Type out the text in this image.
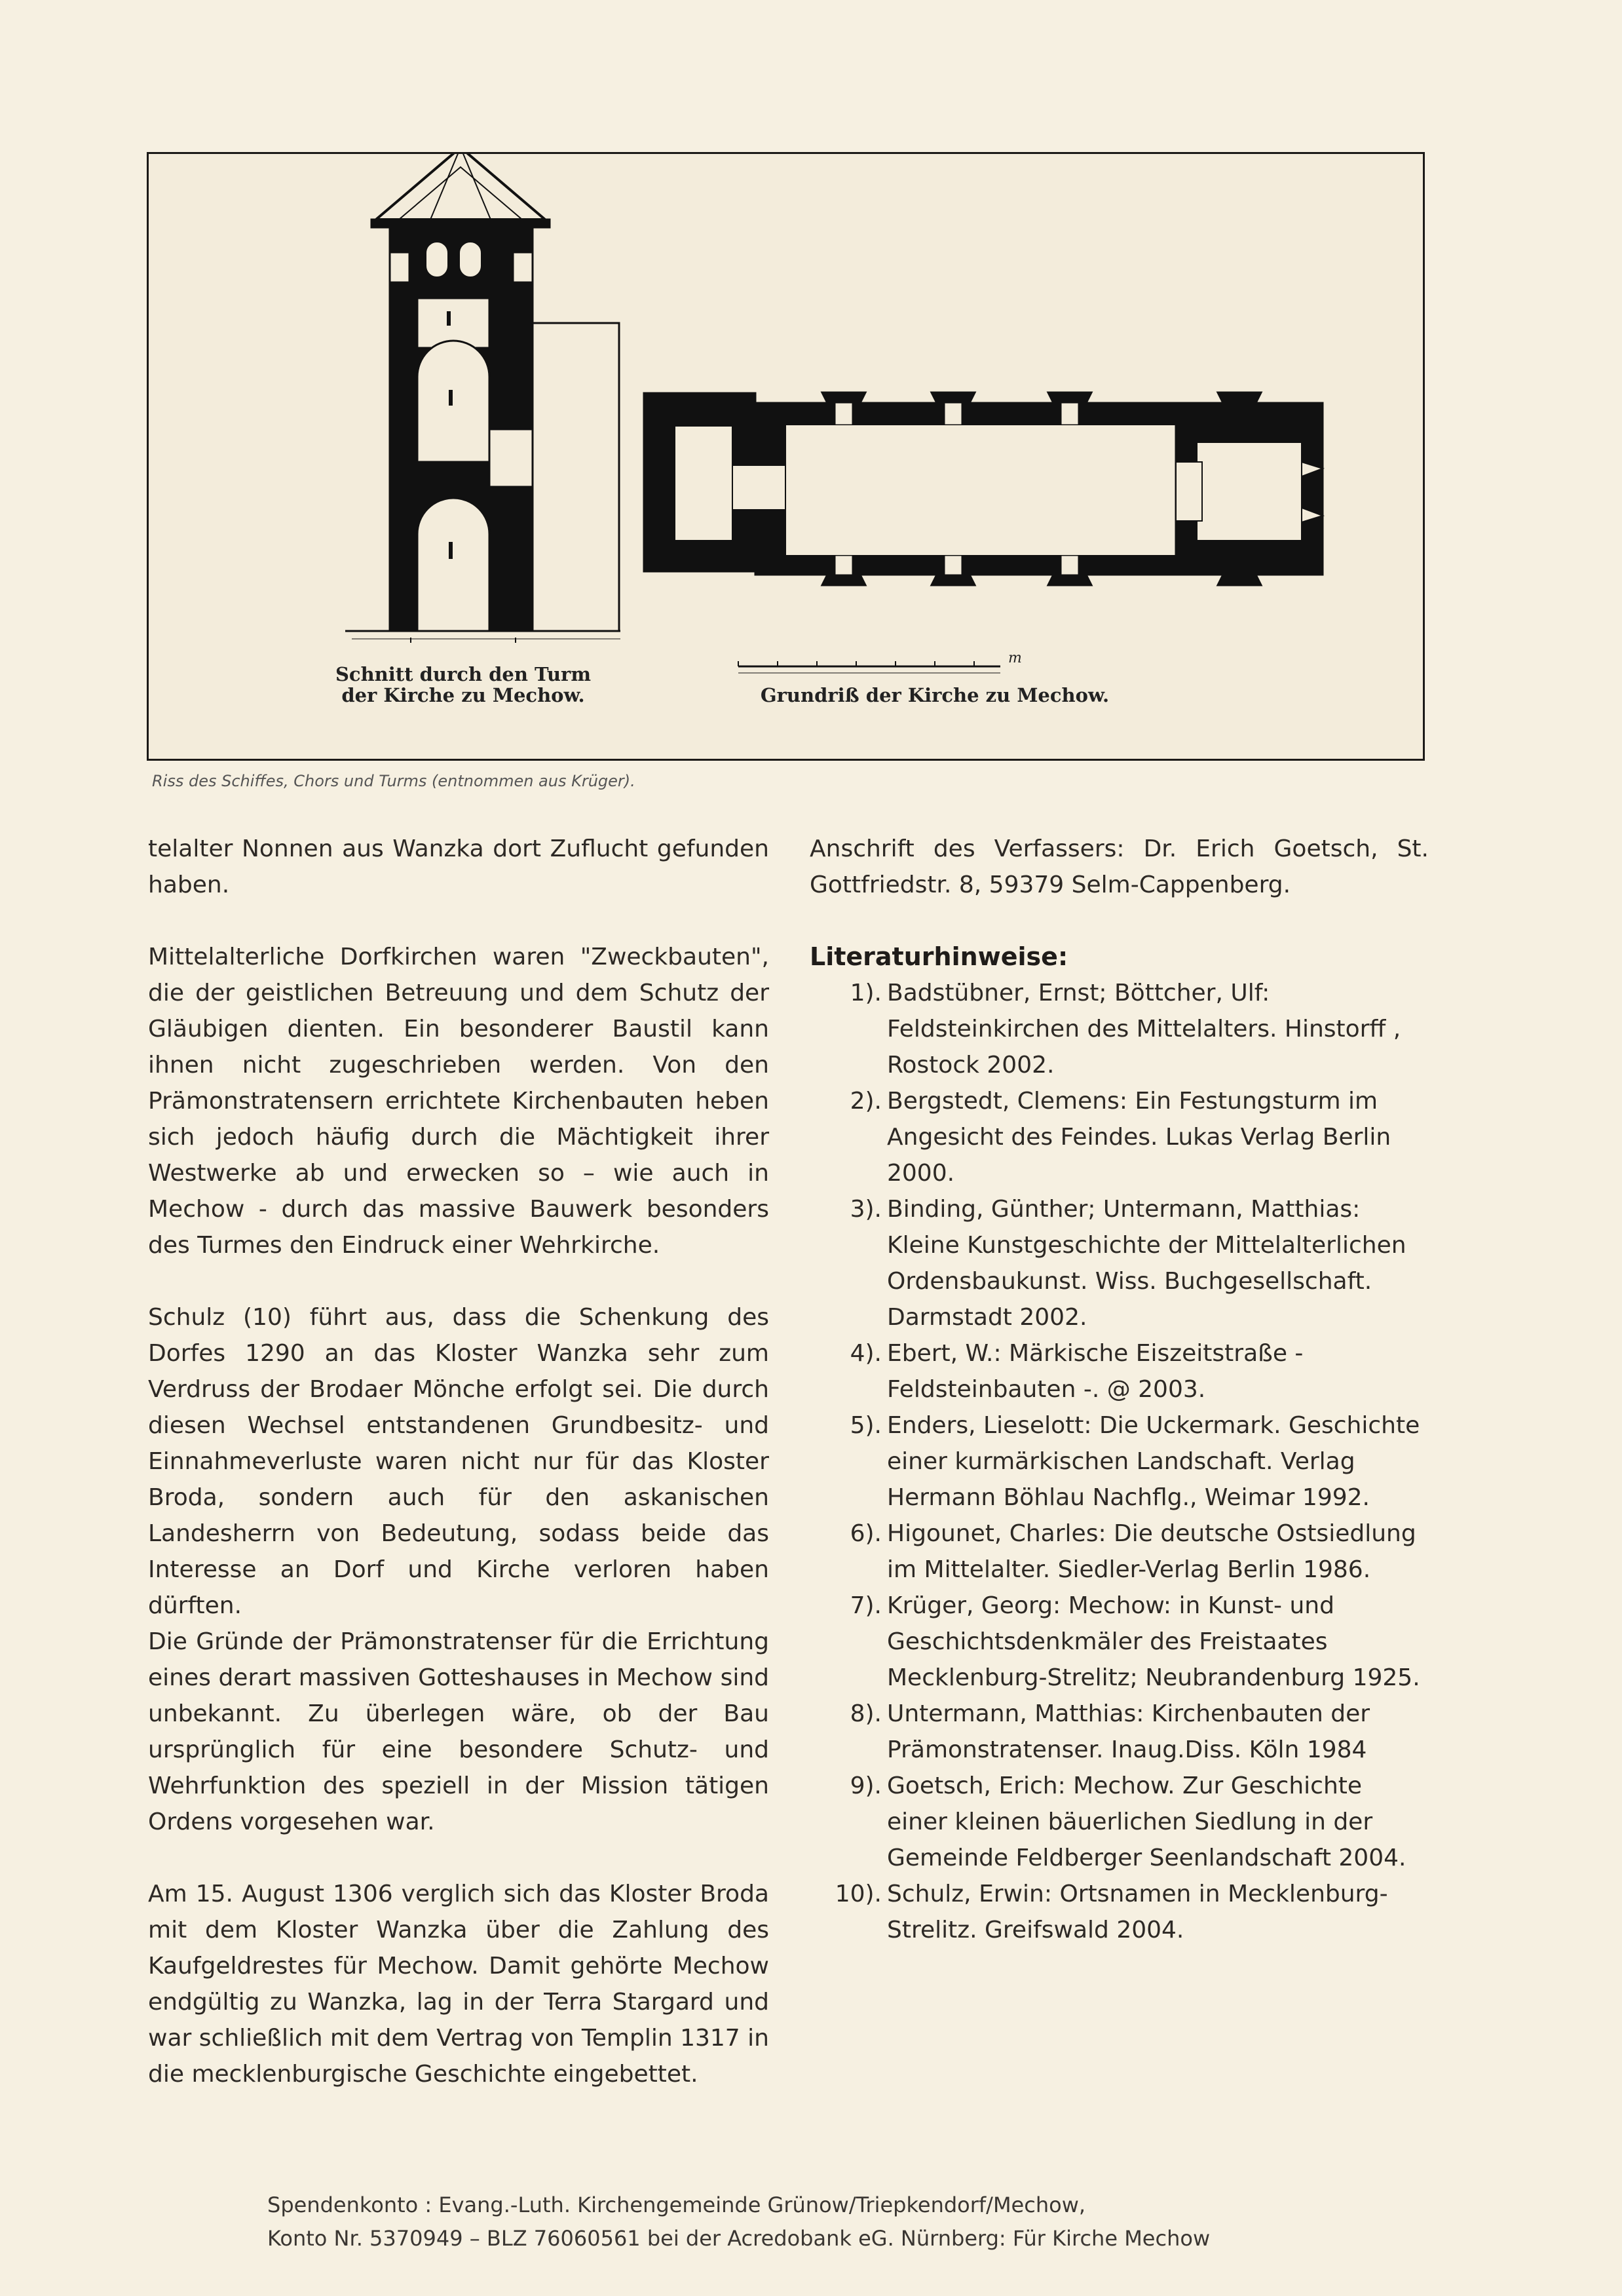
m
Schnitt durch den Turm
der Kirche zu Mechow.	Grundriß der Kirche zu Mechow.
Riss des Schiffes, Chors und Turms (entnommen aus Krüger).

telalter Nonnen aus Wanzka dort Zuflucht gefunden haben.

Mittelalterliche Dorfkirchen waren "Zweckbauten", die der geistlichen Betreuung und dem Schutz der Gläubigen dienten. Ein besonderer Baustil kann ihnen nicht zugeschrieben werden. Von den Prämonstratensern errichtete Kirchenbauten heben sich jedoch häufig durch die Mächtigkeit ihrer Westwerke ab und erwecken so – wie auch in Mechow - durch das massive Bauwerk besonders des Turmes den Eindruck einer Wehrkirche.

Schulz (10) führt aus, dass die Schenkung des Dorfes 1290 an das Kloster Wanzka sehr zum Verdruss der Brodaer Mönche erfolgt sei. Die durch diesen Wechsel entstandenen Grundbesitz- und Einnahmeverluste waren nicht nur für das Kloster Broda, sondern auch für den askanischen Landesherrn von Bedeutung, sodass beide das Interesse an Dorf und Kirche verloren haben dürften.

Die Gründe der Prämonstratenser für die Errichtung eines derart massiven Gotteshauses in Mechow sind unbekannt. Zu überlegen wäre, ob der Bau ursprünglich für eine besondere Schutz- und Wehrfunktion des speziell in der Mission tätigen Ordens vorgesehen war.

Am 15. August 1306 verglich sich das Kloster Broda mit dem Kloster Wanzka über die Zahlung des Kaufgeldrestes für Mechow. Damit gehörte Mechow endgültig zu Wanzka, lag in der Terra Stargard und war schließlich mit dem Vertrag von Templin 1317 in die mecklenburgische Geschichte eingebettet.

Anschrift des Verfassers: Dr. Erich Goetsch, St. Gottfriedstr. 8, 59379 Selm-Cappenberg.

Literaturhinweise:
1). Badstübner, Ernst; Böttcher, Ulf: Feldsteinkirchen des Mittelalters. Hinstorff , Rostock 2002.
2). Bergstedt, Clemens: Ein Festungsturm im Angesicht des Feindes. Lukas Verlag Berlin 2000.
3). Binding, Günther; Untermann, Matthias: Kleine Kunstgeschichte der Mittelalterlichen Ordensbaukunst. Wiss. Buchgesellschaft. Darmstadt 2002.
4). Ebert, W.: Märkische Eiszeitstraße - Feldsteinbauten -. @ 2003.
5). Enders, Lieselott: Die Uckermark. Geschichte einer kurmärkischen Landschaft. Verlag Hermann Böhlau Nachflg., Weimar 1992.
6). Higounet, Charles: Die deutsche Ostsiedlung im Mittelalter. Siedler-Verlag Berlin 1986.
7). Krüger, Georg: Mechow: in Kunst- und Geschichtsdenkmäler des Freistaates Mecklenburg-Strelitz; Neubrandenburg 1925.
8). Untermann, Matthias: Kirchenbauten der Prämonstratenser. Inaug.Diss. Köln 1984
9). Goetsch, Erich: Mechow. Zur Geschichte einer kleinen bäuerlichen Siedlung in der Gemeinde Feldberger Seenlandschaft 2004.
10). Schulz, Erwin: Ortsnamen in Mecklenburg-Strelitz. Greifswald 2004.
Spendenkonto : Evang.-Luth. Kirchengemeinde Grünow/Triepkendorf/Mechow,
Konto Nr. 5370949 – BLZ 76060561 bei der Acredobank eG. Nürnberg: Für Kirche Mechow
